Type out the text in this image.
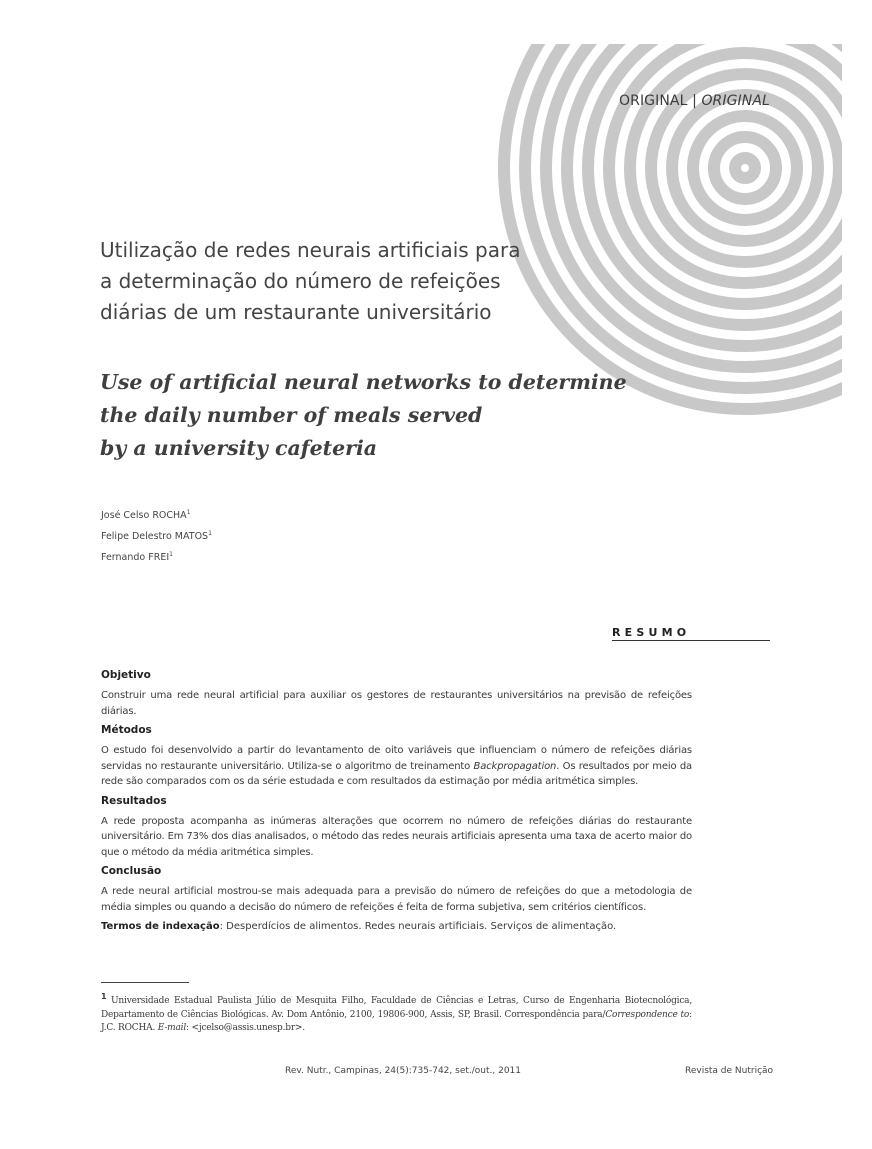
ORIGINAL | ORIGINAL
Utilização de redes neurais artificiais para
a determinação do número de refeições
diárias de um restaurante universitário
Use of artificial neural networks to determine
the daily number of meals served
by a university cafeteria
José Celso ROCHA$^1$
Felipe Delestro MATOS$^1$
Fernando FREI$^1$
RESUMO
Objetivo

Construir uma rede neural artificial para auxiliar os gestores de restaurantes universitários na previsão de refeições diárias.

Métodos

O estudo foi desenvolvido a partir do levantamento de oito variáveis que influenciam o número de refeições diárias servidas no restaurante universitário. Utiliza-se o algoritmo de treinamento Backpropagation. Os resultados por meio da rede são comparados com os da série estudada e com resultados da estimação por média aritmética simples.

Resultados

A rede proposta acompanha as inúmeras alterações que ocorrem no número de refeições diárias do restaurante universitário. Em 73% dos dias analisados, o método das redes neurais artificiais apresenta uma taxa de acerto maior do que o método da média aritmética simples.

Conclusão

A rede neural artificial mostrou-se mais adequada para a previsão do número de refeições do que a metodologia de média simples ou quando a decisão do número de refeições é feita de forma subjetiva, sem critérios científicos.

Termos de indexação: Desperdícios de alimentos. Redes neurais artificiais. Serviços de alimentação.
$^1$ Universidade Estadual Paulista Júlio de Mesquita Filho, Faculdade de Ciências e Letras, Curso de Engenharia Biotecnológica, Departamento de Ciências Biológicas. Av. Dom Antônio, 2100, 19806-900, Assis, SP, Brasil. Correspondência para/Correspondence to: J.C. ROCHA. E-mail: <jcelso@assis.unesp.br>.
Rev. Nutr., Campinas, 24(5):735-742, set./out., 2011	Revista de Nutrição
